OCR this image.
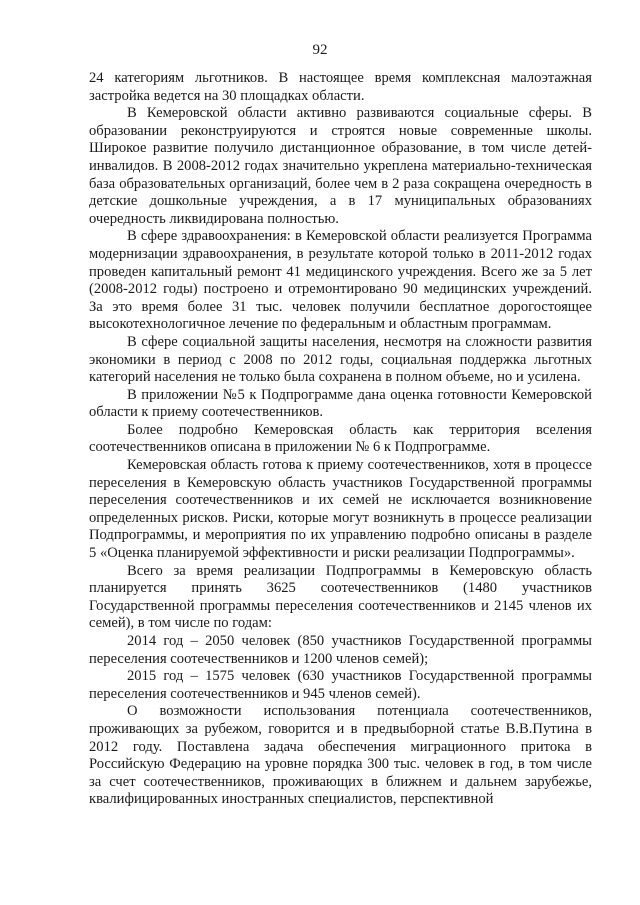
92

24 категориям льготников. В настоящее время комплексная малоэтажная застройка ведется на 30 площадках области.

В Кемеровской области активно развиваются социальные сферы. В образовании реконструируются и строятся новые современные школы. Широкое развитие получило дистанционное образование, в том числе детей-инвалидов. В 2008-2012 годах значительно укреплена материально-техническая база образовательных организаций, более чем в 2 раза сокращена очередность в детские дошкольные учреждения, а в 17 муниципальных образованиях очередность ликвидирована полностью.

В сфере здравоохранения: в Кемеровской области реализуется Программа модернизации здравоохранения, в результате которой только в 2011-2012 годах проведен капитальный ремонт 41 медицинского учреждения. Всего же за 5 лет (2008-2012 годы) построено и отремонтировано 90 медицинских учреждений. За это время более 31 тыс. человек получили бесплатное дорогостоящее высокотехнологичное лечение по федеральным и областным программам.

В сфере социальной защиты населения, несмотря на сложности развития экономики в период с 2008 по 2012 годы, социальная поддержка льготных категорий населения не только была сохранена в полном объеме, но и усилена.

В приложении №5 к Подпрограмме дана оценка готовности Кемеровской области к приему соотечественников.

Более подробно Кемеровская область как территория вселения соотечественников описана в приложении № 6 к Подпрограмме.

Кемеровская область готова к приему соотечественников, хотя в процессе переселения в Кемеровскую область участников Государственной программы переселения соотечественников и их семей не исключается возникновение определенных рисков. Риски, которые могут возникнуть в процессе реализации Подпрограммы, и мероприятия по их управлению подробно описаны в разделе 5 «Оценка планируемой эффективности и риски реализации Подпрограммы».

Всего за время реализации Подпрограммы в Кемеровскую область планируется принять 3625 соотечественников (1480 участников Государственной программы переселения соотечественников и 2145 членов их семей), в том числе по годам:

2014 год – 2050 человек (850 участников Государственной программы переселения соотечественников и 1200 членов семей);

2015 год – 1575 человек (630 участников Государственной программы переселения соотечественников и 945 членов семей).

О возможности использования потенциала соотечественников, проживающих за рубежом, говорится и в предвыборной статье В.В.Путина в 2012 году. Поставлена задача обеспечения миграционного притока в Российскую Федерацию на уровне порядка 300 тыс. человек в год, в том числе за счет соотечественников, проживающих в ближнем и дальнем зарубежье, квалифицированных иностранных специалистов, перспективной
